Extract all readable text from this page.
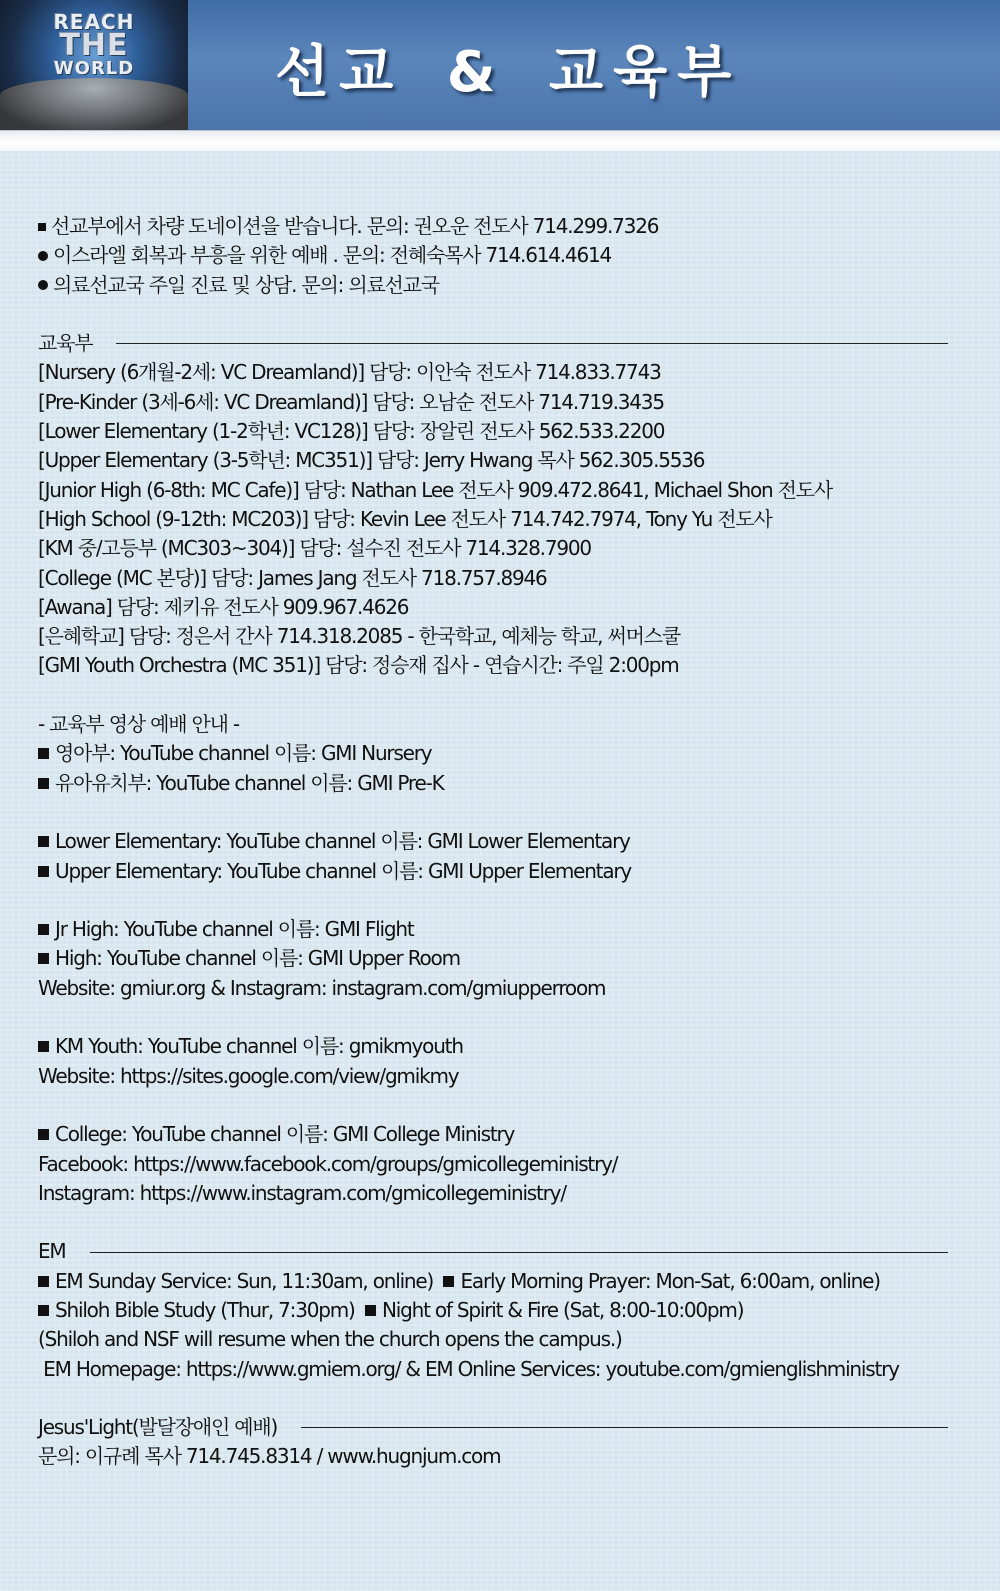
REACH
THE
WORLD	선교 & 교육부
선교부에서 차량 도네이션을 받습니다. 문의: 권오운 전도사 714.299.7326
이스라엘 회복과 부흥을 위한 예배 . 문의: 전혜숙목사 714.614.4614
의료선교국 주일 진료 및 상담. 문의: 의료선교국
교육부
[Nursery (6개월-2세: VC Dreamland)] 담당: 이안숙 전도사 714.833.7743
[Pre-Kinder (3세-6세: VC Dreamland)] 담당: 오남순 전도사 714.719.3435
[Lower Elementary (1-2학년: VC128)] 담당: 장알린 전도사 562.533.2200
[Upper Elementary (3-5학년: MC351)] 담당: Jerry Hwang 목사 562.305.5536
[Junior High (6-8th: MC Cafe)] 담당: Nathan Lee 전도사 909.472.8641, Michael Shon 전도사
[High School (9-12th: MC203)] 담당: Kevin Lee 전도사 714.742.7974, Tony Yu 전도사
[KM 중/고등부 (MC303~304)] 담당: 설수진 전도사 714.328.7900
[College (MC 본당)] 담당: James Jang 전도사 718.757.8946
[Awana] 담당: 제키유 전도사 909.967.4626
[은혜학교] 담당: 정은서 간사 714.318.2085 - 한국학교, 예체능 학교, 써머스쿨
[GMI Youth Orchestra (MC 351)] 담당: 정승재 집사 - 연습시간: 주일 2:00pm
- 교육부 영상 예배 안내 -
영아부: YouTube channel 이름: GMI Nursery
유아유치부: YouTube channel 이름: GMI Pre-K
Lower Elementary: YouTube channel 이름: GMI Lower Elementary
Upper Elementary: YouTube channel 이름: GMI Upper Elementary
Jr High: YouTube channel 이름: GMI Flight
High: YouTube channel 이름: GMI Upper Room
Website: gmiur.org & Instagram: instagram.com/gmiupperroom
KM Youth: YouTube channel 이름: gmikmyouth
Website: https://sites.google.com/view/gmikmy
College: YouTube channel 이름: GMI College Ministry
Facebook: https://www.facebook.com/groups/gmicollegeministry/
Instagram: https://www.instagram.com/gmicollegeministry/
EM
EM Sunday Service: Sun, 11:30am, online) Early Morning Prayer: Mon-Sat, 6:00am, online)
Shiloh Bible Study (Thur, 7:30pm) Night of Spirit & Fire (Sat, 8:00-10:00pm)
(Shiloh and NSF will resume when the church opens the campus.)
EM Homepage: https://www.gmiem.org/ & EM Online Services: youtube.com/gmienglishministry
Jesus'Light(발달장애인 예배)
문의: 이규례 목사 714.745.8314 / www.hugnjum.com
